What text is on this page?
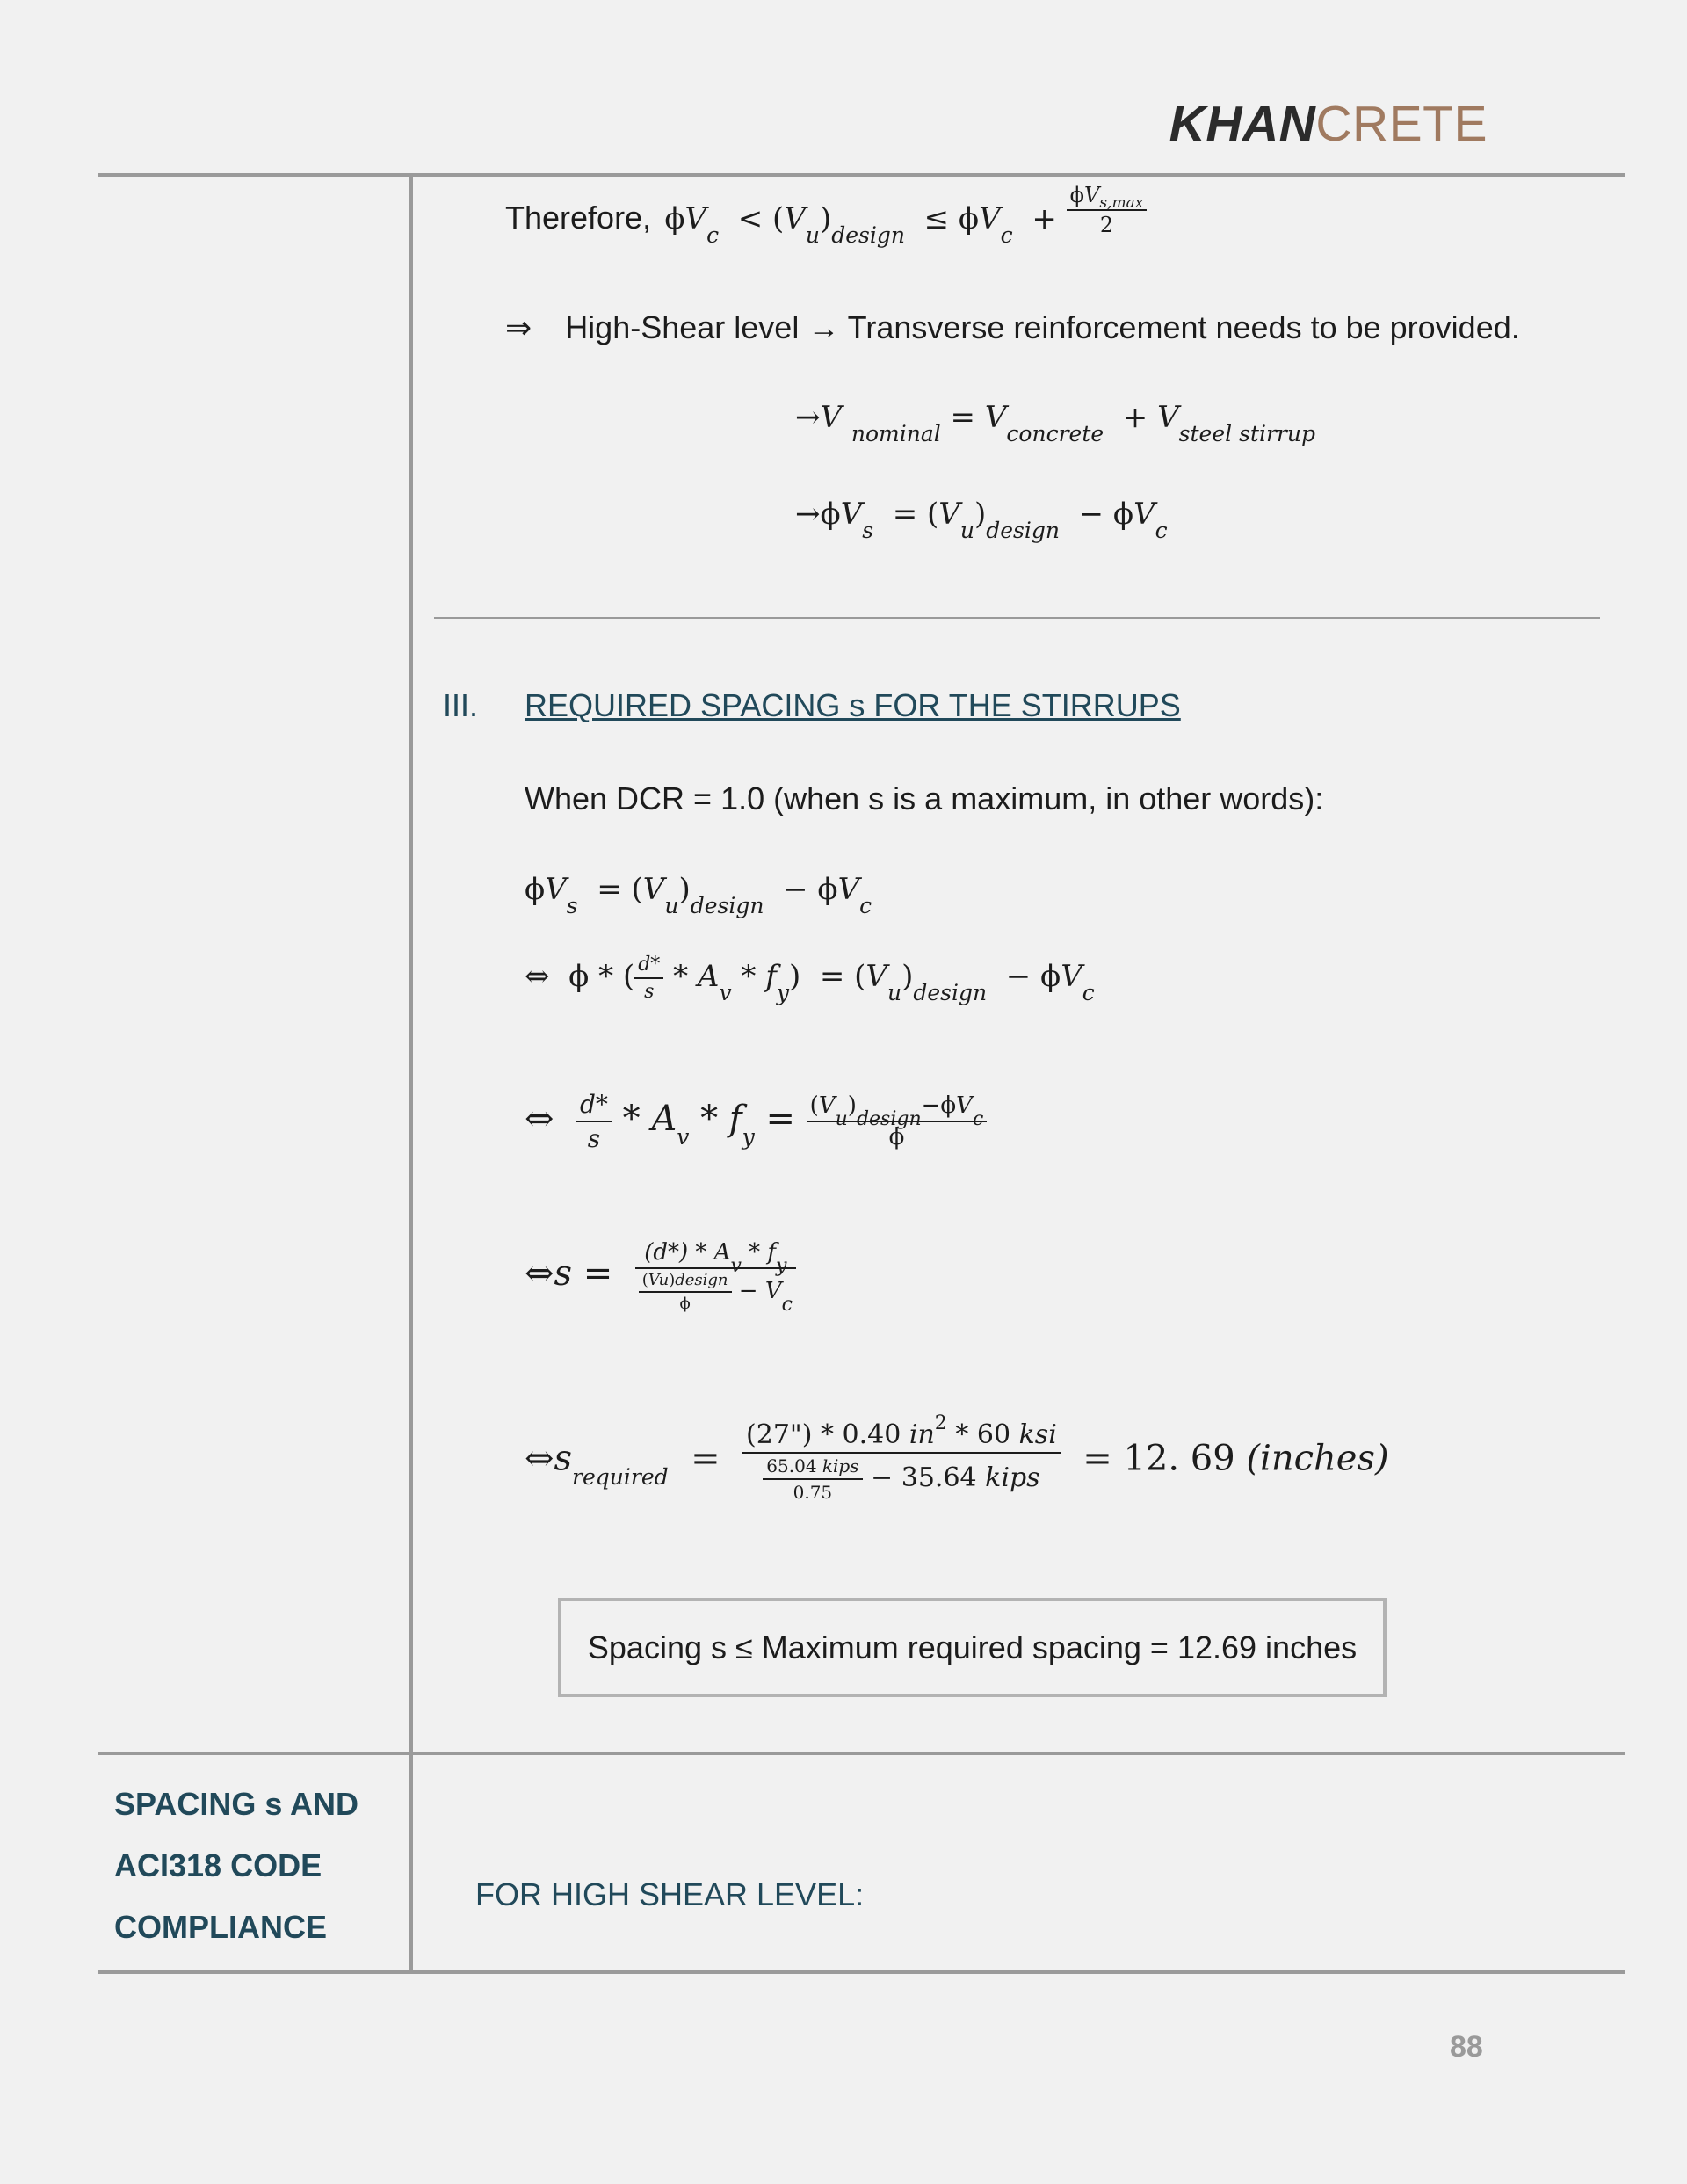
KHANCRETE
Therefore, $\phi V_c < (V_u)_{design} \le \phi V_c + \frac{\phi V_{s,max}}{2}$
⇒ High-Shear level → Transverse reinforcement needs to be provided.
→V $_{nominal} = V_{concrete} + V_{steel stirrup}$
$\to\phi V_s = (V_u)_{design} - \phi V_c$
III. REQUIRED SPACING s FOR THE STIRRUPS
When DCR = 1.0 (when s is a maximum, in other words):
$\phi V_s = (V_u)_{design} - \phi V_c$
⇔ ϕ * ( $\frac{d*}{s} * A_v * f_y) = (V_u)_{design} - \phi V_c$
⇔ $\frac{d*}{s} * A_v * f_y = \frac{(V_u)_{design}-\phi V_c}{\phi}$
⇔s = $\frac{(d*) * A_v * f_y}{\frac{\text{(Vu)design}}{\phi} - V_c}$
$\Leftrightarrow s_{required} = \frac{(27") * 0.40 in^2 * 60 ksi}{\frac{\text{65.04 kips}}{0.75} - 35.64 kips} = 12$. 69 (inches)
Spacing s ≤ Maximum required spacing = 12.69 inches
SPACING s AND
ACI318 CODE
COMPLIANCE
FOR HIGH SHEAR LEVEL:
88
